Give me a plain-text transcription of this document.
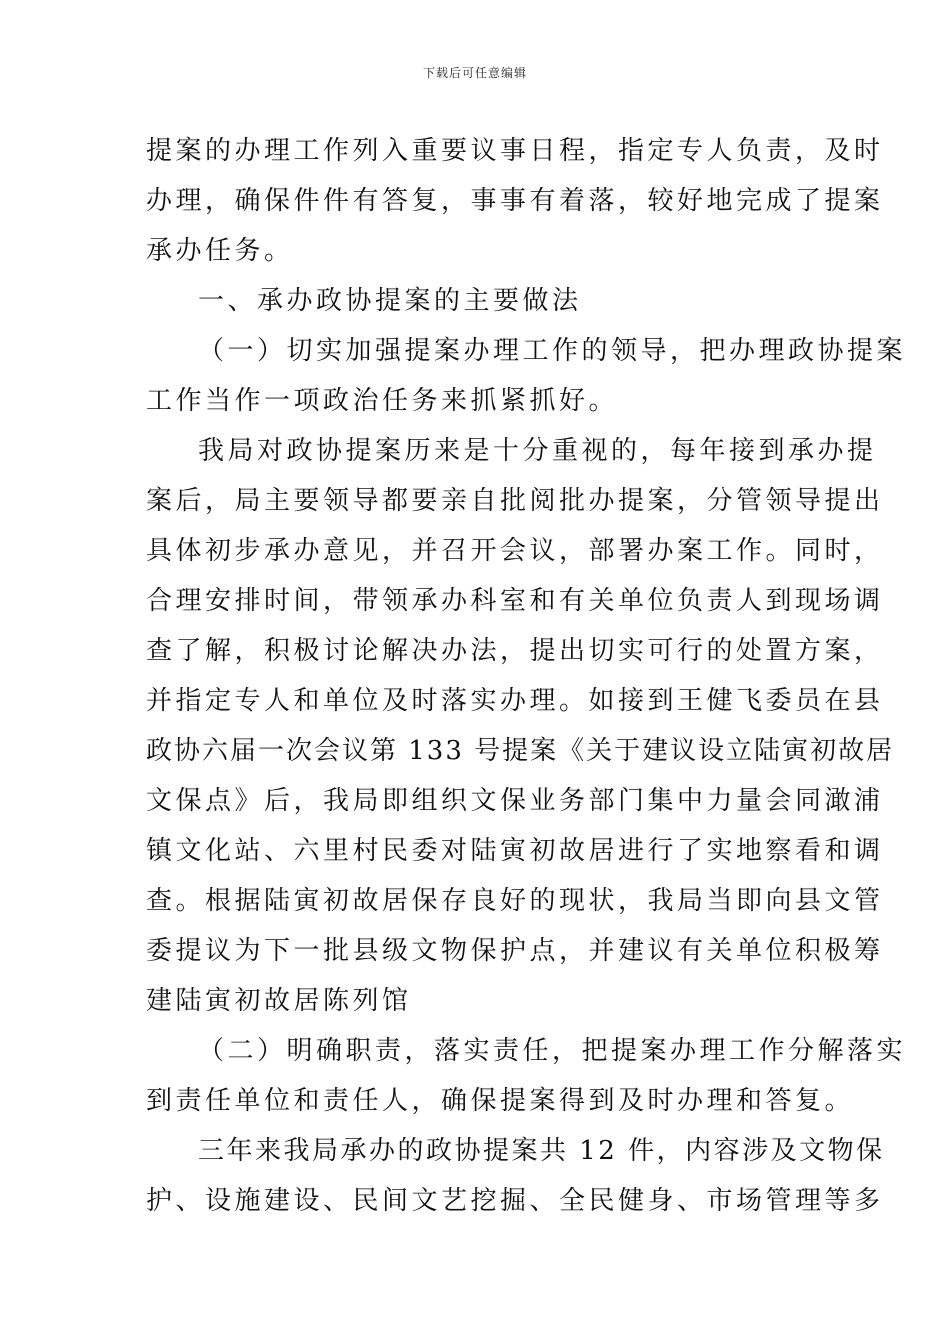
下载后可任意编辑
提案的办理工作列入重要议事日程，指定专人负责，及时
办理，确保件件有答复，事事有着落，较好地完成了提案
承办任务。
一、承办政协提案的主要做法
（一）切实加强提案办理工作的领导，把办理政协提案
工作当作一项政治任务来抓紧抓好。
我局对政协提案历来是十分重视的，每年接到承办提
案后，局主要领导都要亲自批阅批办提案，分管领导提出
具体初步承办意见，并召开会议，部署办案工作。同时，
合理安排时间，带领承办科室和有关单位负责人到现场调
查了解，积极讨论解决办法，提出切实可行的处置方案，
并指定专人和单位及时落实办理。如接到王健飞委员在县
政协六届一次会议第 133 号提案《关于建议设立陆寅初故居
文保点》后，我局即组织文保业务部门集中力量会同澉浦
镇文化站、六里村民委对陆寅初故居进行了实地察看和调
查。根据陆寅初故居保存良好的现状，我局当即向县文管
委提议为下一批县级文物保护点，并建议有关单位积极筹
建陆寅初故居陈列馆
（二）明确职责，落实责任，把提案办理工作分解落实
到责任单位和责任人，确保提案得到及时办理和答复。
三年来我局承办的政协提案共 12 件，内容涉及文物保
护、设施建设、民间文艺挖掘、全民健身、市场管理等多
